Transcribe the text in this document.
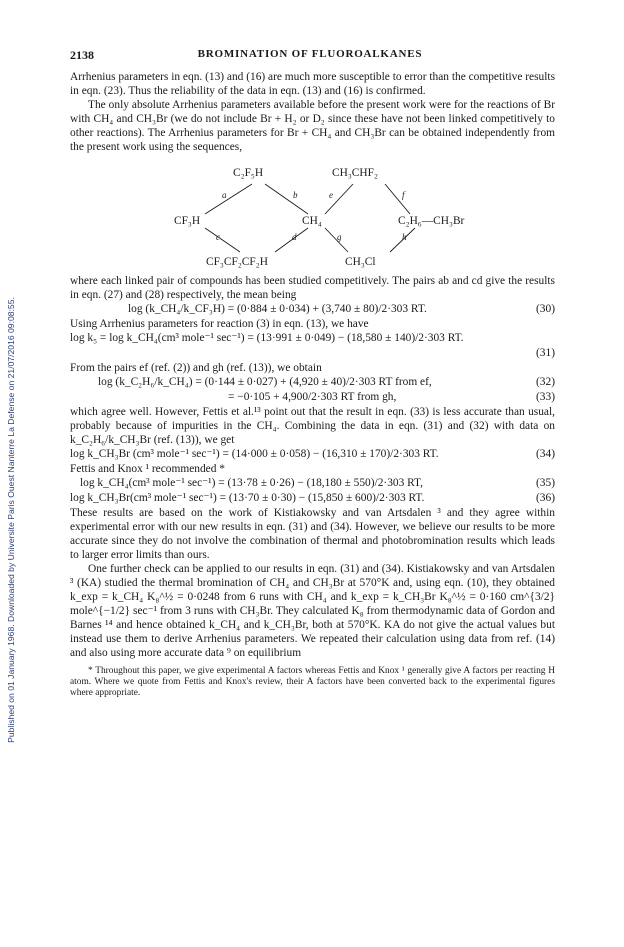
Published on 01 January 1968. Downloaded by Universite Paris Ouest Nanterre La Defense on 21/07/2016 09:08:55.
2138	BROMINATION OF FLUOROALKANES

Arrhenius parameters in eqn. (13) and (16) are much more susceptible to error than the competitive results in eqn. (23). Thus the reliability of the data in eqn. (13) and (16) is confirmed.

The only absolute Arrhenius parameters available before the present work were for the reactions of Br with CH₄ and CH₃Br (we do not include Br + H₂ or D₂ since these have not been linked competitively to other reactions). The Arrhenius parameters for Br + CH₄ and CH₃Br can be obtained independently from the present work using the sequences,

C₂F₅H	CH₃CHF₂
CF₃H	CH₄	C₂H₆—CH₃Br
CF₃CF₂CF₂H	CH₃Cl
a	b	e	f
c	d	g	h

where each linked pair of compounds has been studied competitively. The pairs ab and cd give the results in eqn. (27) and (28) respectively, the mean being

log (k_CH₄/k_CF₃H) = (0·884 ± 0·034) + (3,740 ± 80)/2·303 RT.	(30)

Using Arrhenius parameters for reaction (3) in eqn. (13), we have

log k₅ = log k_CH₄(cm³ mole⁻¹ sec⁻¹) = (13·991 ± 0·049) − (18,580 ± 140)/2·303 RT.
(31)

From the pairs ef (ref. (2)) and gh (ref. (13)), we obtain

log (k_C₂H₆/k_CH₄) = (0·144 ± 0·027) + (4,920 ± 40)/2·303 RT from ef,	(32)
= −0·105 + 4,900/2·303 RT from gh,	(33)

which agree well. However, Fettis et al.¹³ point out that the result in eqn. (33) is less accurate than usual, probably because of impurities in the CH₄. Combining the data in eqn. (31) and (32) with data on k_C₂H₆/k_CH₃Br (ref. (13)), we get

log k_CH₃Br (cm³ mole⁻¹ sec⁻¹) = (14·000 ± 0·058) − (16,310 ± 170)/2·303 RT.	(34)

Fettis and Knox ¹ recommended *

log k_CH₄(cm³ mole⁻¹ sec⁻¹) = (13·78 ± 0·26) − (18,180 ± 550)/2·303 RT,	(35)
log k_CH₃Br(cm³ mole⁻¹ sec⁻¹) = (13·70 ± 0·30) − (15,850 ± 600)/2·303 RT.	(36)

These results are based on the work of Kistiakowsky and van Artsdalen ³ and they agree within experimental error with our new results in eqn. (31) and (34). However, we believe our results to be more accurate since they do not involve the combination of thermal and photobromination results which leads to larger error limits than ours.

One further check can be applied to our results in eqn. (31) and (34). Kistiakowsky and van Artsdalen ³ (KA) studied the thermal bromination of CH₄ and CH₃Br at 570°K and, using eqn. (10), they obtained k_exp = k_CH₄ K₈^½ = 0·0248 from 6 runs with CH₄ and k_exp = k_CH₃Br K₈^½ = 0·160 cm^{3/2} mole^{−1/2} sec⁻¹ from 3 runs with CH₃Br. They calculated K₈ from thermodynamic data of Gordon and Barnes ¹⁴ and hence obtained k_CH₄ and k_CH₃Br, both at 570°K. KA do not give the actual values but instead use them to derive Arrhenius parameters. We repeated their calculation using data from ref. (14) and also using more accurate data ⁹ on equilibrium

* Throughout this paper, we give experimental A factors whereas Fettis and Knox ¹ generally give A factors per reacting H atom. Where we quote from Fettis and Knox's review, their A factors have been converted back to the experimental figures where appropriate.
